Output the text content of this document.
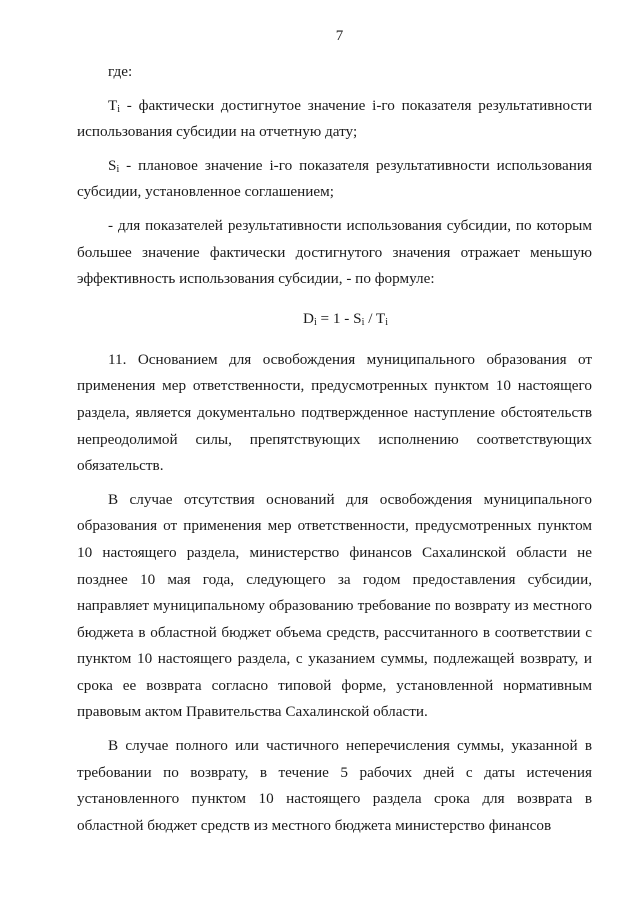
7

где:

$T_i$ - фактически достигнутое значение i-го показателя результативности использования субсидии на отчетную дату;

$S_i$ - плановое значение i-го показателя результативности использования субсидии, установленное соглашением;

- для показателей результативности использования субсидии, по которым большее значение фактически достигнутого значения отражает меньшую эффективность использования субсидии, - по формуле:

$D_i = 1 - S_i / T_i$

11. Основанием для освобождения муниципального образования от применения мер ответственности, предусмотренных пунктом 10 настоящего раздела, является документально подтвержденное наступление обстоятельств непреодолимой силы, препятствующих исполнению соответствующих обязательств.

В случае отсутствия оснований для освобождения муниципального образования от применения мер ответственности, предусмотренных пунктом 10 настоящего раздела, министерство финансов Сахалинской области не позднее 10 мая года, следующего за годом предоставления субсидии, направляет муниципальному образованию требование по возврату из местного бюджета в областной бюджет объема средств, рассчитанного в соответствии с пунктом 10 настоящего раздела, с указанием суммы, подлежащей возврату, и срока ее возврата согласно типовой форме, установленной нормативным правовым актом Правительства Сахалинской области.

В случае полного или частичного неперечисления суммы, указанной в требовании по возврату, в течение 5 рабочих дней с даты истечения установленного пунктом 10 настоящего раздела срока для возврата в областной бюджет средств из местного бюджета министерство финансов
